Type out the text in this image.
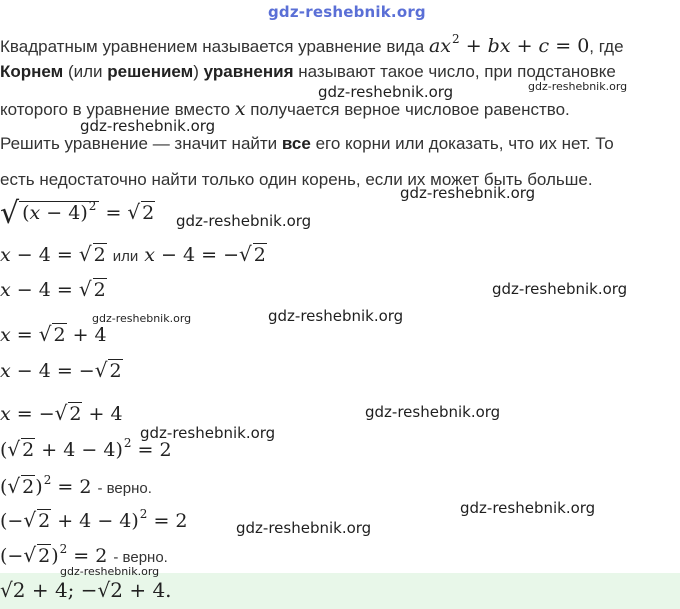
gdz-reshebnik.org
Квадратным уравнением называется уравнение вида $ax^2$ + bx + c = 0, где
Корнем (или решением) уравнения называют такое число, при подстановке
которого в уравнение вместо x получается верное числовое равенство.
Решить уравнение — значит найти все его корни или доказать, что их нет. То
есть недостаточно найти только один корень, если их может быть больше.
gdz-reshebnik.org	gdz-reshebnik.org
gdz-reshebnik.org
gdz-reshebnik.org
√ $(x - 4)^2$ = √ 2 gdz-reshebnik.org
x − 4 = √ 2 или x − 4 = −√ 2
x − 4 = √ 2	gdz-reshebnik.org
gdz-reshebnik.org	gdz-reshebnik.org
x = √ 2 + 4
x − 4 = −√ 2
x = −√ 2 + 4	gdz-reshebnik.org
gdz-reshebnik.org
(√ 2 + 4 − 4)$^2$ = 2
(√ 2)$^2$ = 2 - верно.
gdz-reshebnik.org
(−√ 2 + 4 − 4)$^2$ = 2	gdz-reshebnik.org
(−√ 2)$^2$ = 2 - верно.
gdz-reshebnik.org
√2 + 4; −√2 + 4.
